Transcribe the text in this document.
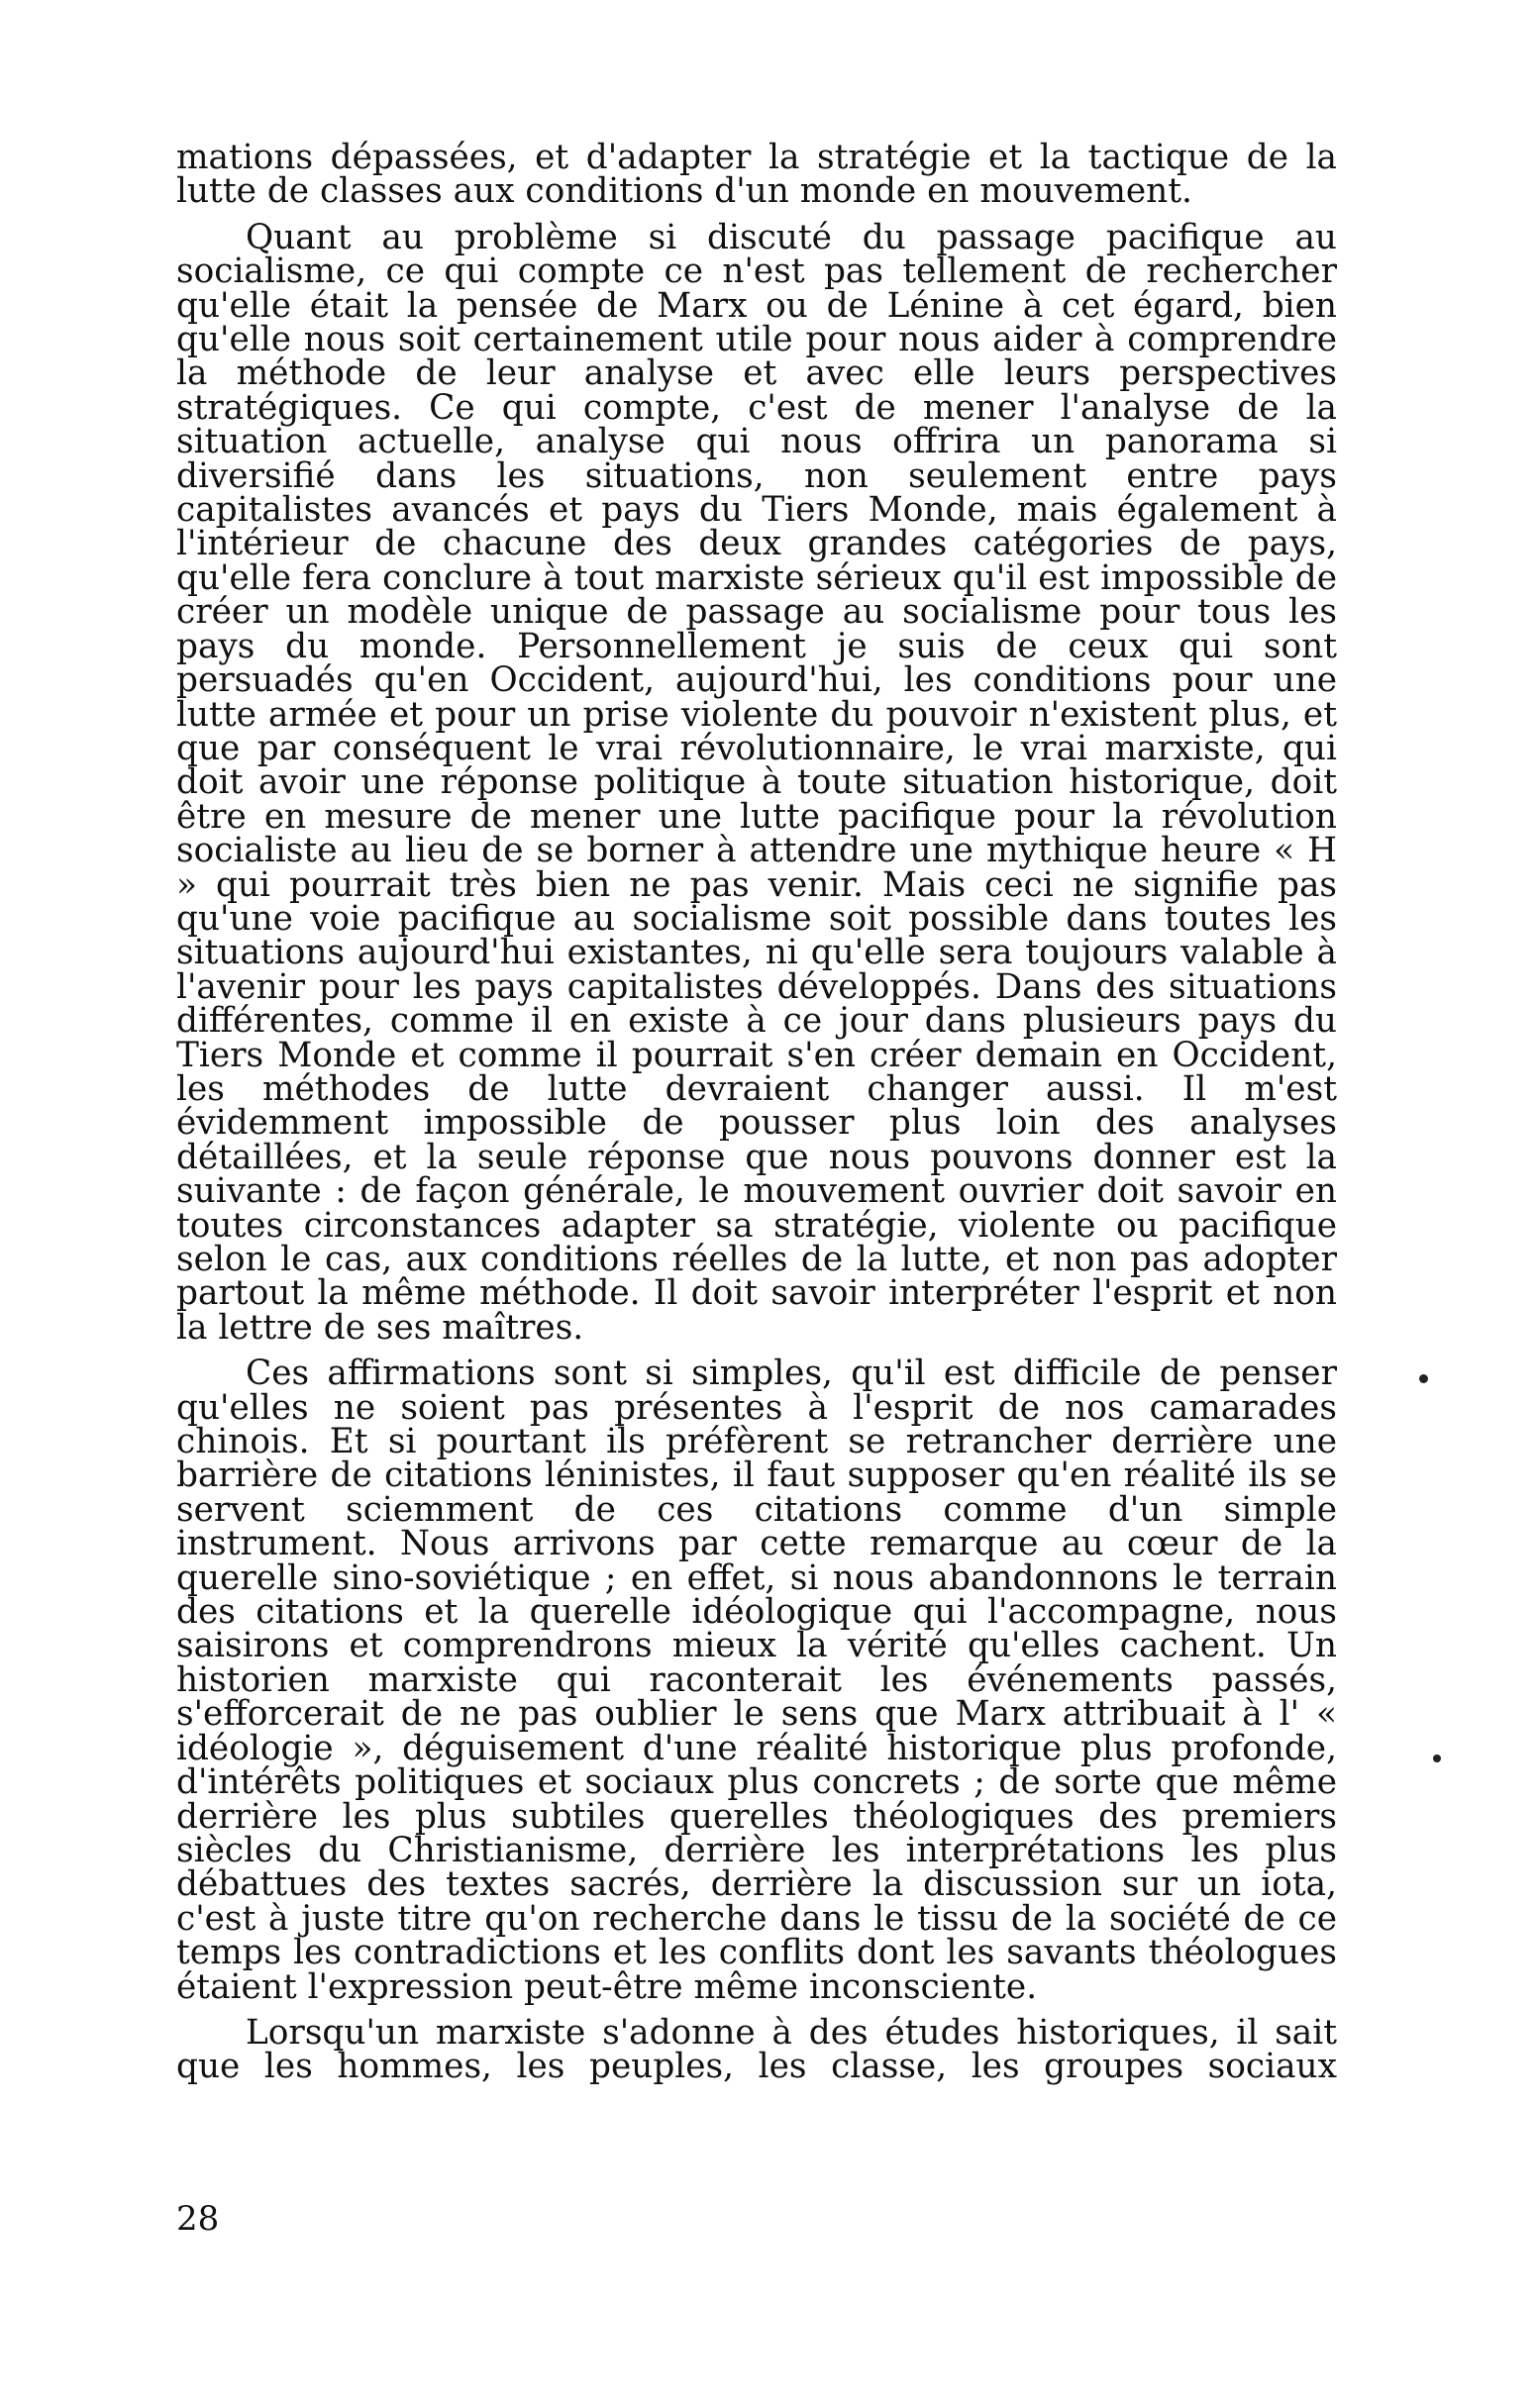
mations dépassées, et d'adapter la stratégie et la tactique de la lutte de classes aux conditions d'un monde en mouvement.

Quant au problème si discuté du passage pacifique au socialisme, ce qui compte ce n'est pas tellement de rechercher qu'elle était la pensée de Marx ou de Lénine à cet égard, bien qu'elle nous soit certainement utile pour nous aider à comprendre la méthode de leur analyse et avec elle leurs perspectives stratégiques. Ce qui compte, c'est de mener l'analyse de la situation actuelle, analyse qui nous offrira un panorama si diversifié dans les situations, non seulement entre pays capitalistes avancés et pays du Tiers Monde, mais également à l'intérieur de chacune des deux grandes catégories de pays, qu'elle fera conclure à tout marxiste sérieux qu'il est impossible de créer un modèle unique de passage au socialisme pour tous les pays du monde. Personnellement je suis de ceux qui sont persuadés qu'en Occident, aujourd'hui, les conditions pour une lutte armée et pour un prise violente du pouvoir n'existent plus, et que par conséquent le vrai révolutionnaire, le vrai marxiste, qui doit avoir une réponse politique à toute situation historique, doit être en mesure de mener une lutte pacifique pour la révolution socialiste au lieu de se borner à attendre une mythique heure « H » qui pourrait très bien ne pas venir. Mais ceci ne signifie pas qu'une voie pacifique au socialisme soit possible dans toutes les situations aujourd'hui existantes, ni qu'elle sera toujours valable à l'avenir pour les pays capitalistes développés. Dans des situations différentes, comme il en existe à ce jour dans plusieurs pays du Tiers Monde et comme il pourrait s'en créer demain en Occident, les méthodes de lutte devraient changer aussi. Il m'est évidemment impossible de pousser plus loin des analyses détaillées, et la seule réponse que nous pouvons donner est la suivante : de façon générale, le mouvement ouvrier doit savoir en toutes circonstances adapter sa stratégie, violente ou pacifique selon le cas, aux conditions réelles de la lutte, et non pas adopter partout la même méthode. Il doit savoir interpréter l'esprit et non la lettre de ses maîtres.

Ces affirmations sont si simples, qu'il est difficile de penser qu'elles ne soient pas présentes à l'esprit de nos camarades chinois. Et si pourtant ils préfèrent se retrancher derrière une barrière de citations léninistes, il faut supposer qu'en réalité ils se servent sciemment de ces citations comme d'un simple instrument. Nous arrivons par cette remarque au cœur de la querelle sino-soviétique ; en effet, si nous abandonnons le terrain des citations et la querelle idéologique qui l'accompagne, nous saisirons et comprendrons mieux la vérité qu'elles cachent. Un historien marxiste qui raconterait les événements passés, s'efforcerait de ne pas oublier le sens que Marx attribuait à l' « idéologie », déguisement d'une réalité historique plus profonde, d'intérêts politiques et sociaux plus concrets ; de sorte que même derrière les plus subtiles querelles théologiques des premiers siècles du Christianisme, derrière les interprétations les plus débattues des textes sacrés, derrière la discussion sur un iota, c'est à juste titre qu'on recherche dans le tissu de la société de ce temps les contradictions et les conflits dont les savants théologues étaient l'expression peut-être même inconsciente.

Lorsqu'un marxiste s'adonne à des études historiques, il sait que les hommes, les peuples, les classe, les groupes sociaux

28
